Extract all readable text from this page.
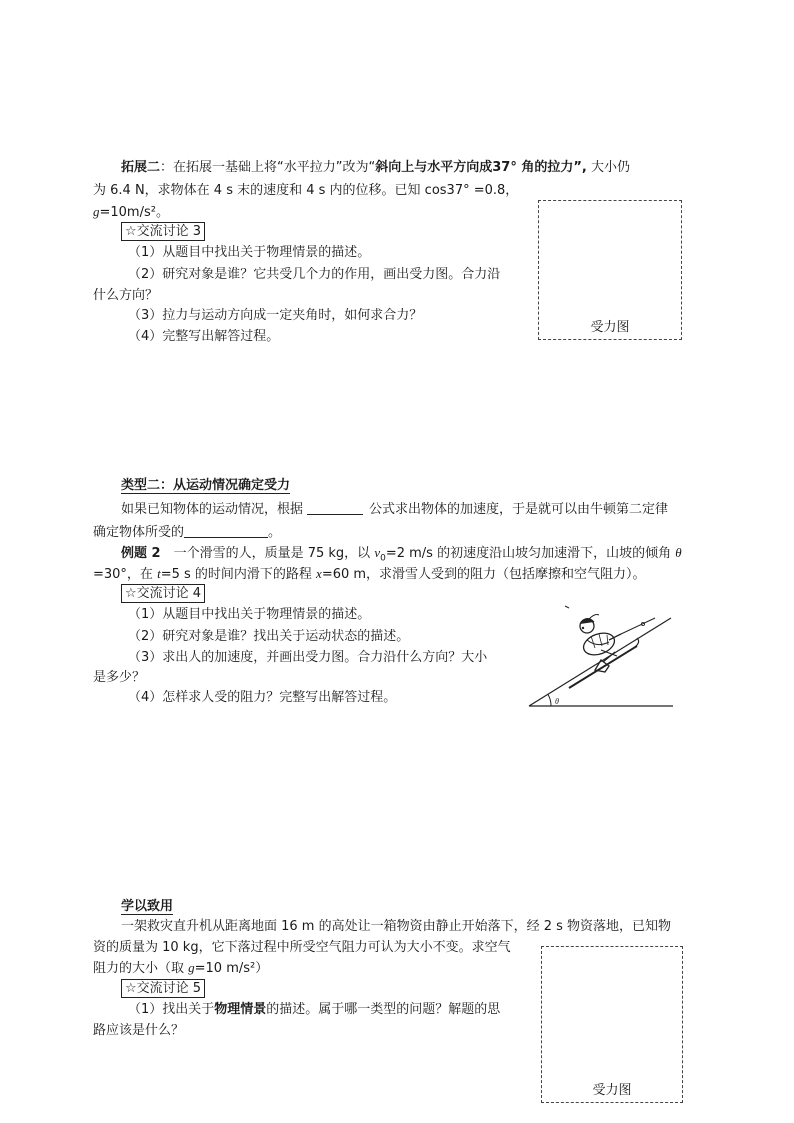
拓展二：在拓展一基础上将“水平拉力”改为“斜向上与水平方向成37° 角的拉力”, 大小仍
为 6.4 N，求物体在 4 s 末的速度和 4 s 内的位移。已知 cos37° =0.8，
g=10m/s²。
☆交流讨论 3
（1）从题目中找出关于物理情景的描述。
（2）研究对象是谁？它共受几个力的作用，画出受力图。合力沿
什么方向？
（3）拉力与运动方向成一定夹角时，如何求合力？
（4）完整写出解答过程。
受力图
类型二：从运动情况确定受力
如果已知物体的运动情况，根据	公式求出物体的加速度，于是就可以由牛顿第二定律
确定物体所受的	。
例题 2　一个滑雪的人，质量是 75 kg，以 $v_0=2$ m/s 的初速度沿山坡匀加速滑下，山坡的倾角 θ
=30°，在 t=5 s 的时间内滑下的路程 x=60 m，求滑雪人受到的阻力（包括摩擦和空气阻力）。
☆交流讨论 4
（1）从题目中找出关于物理情景的描述。
（2）研究对象是谁？找出关于运动状态的描述。
（3）求出人的加速度，并画出受力图。合力沿什么方向？大小
是多少？
（4）怎样求人受的阻力？完整写出解答过程。	θ
学以致用
一架救灾直升机从距离地面 16 m 的高处让一箱物资由静止开始落下，经 2 s 物资落地，已知物
资的质量为 10 kg，它下落过程中所受空气阻力可认为大小不变。求空气
阻力的大小（取 g=10 m/s²）
☆交流讨论 5
（1）找出关于物理情景的描述。属于哪一类型的问题？解题的思
路应该是什么？
受力图
